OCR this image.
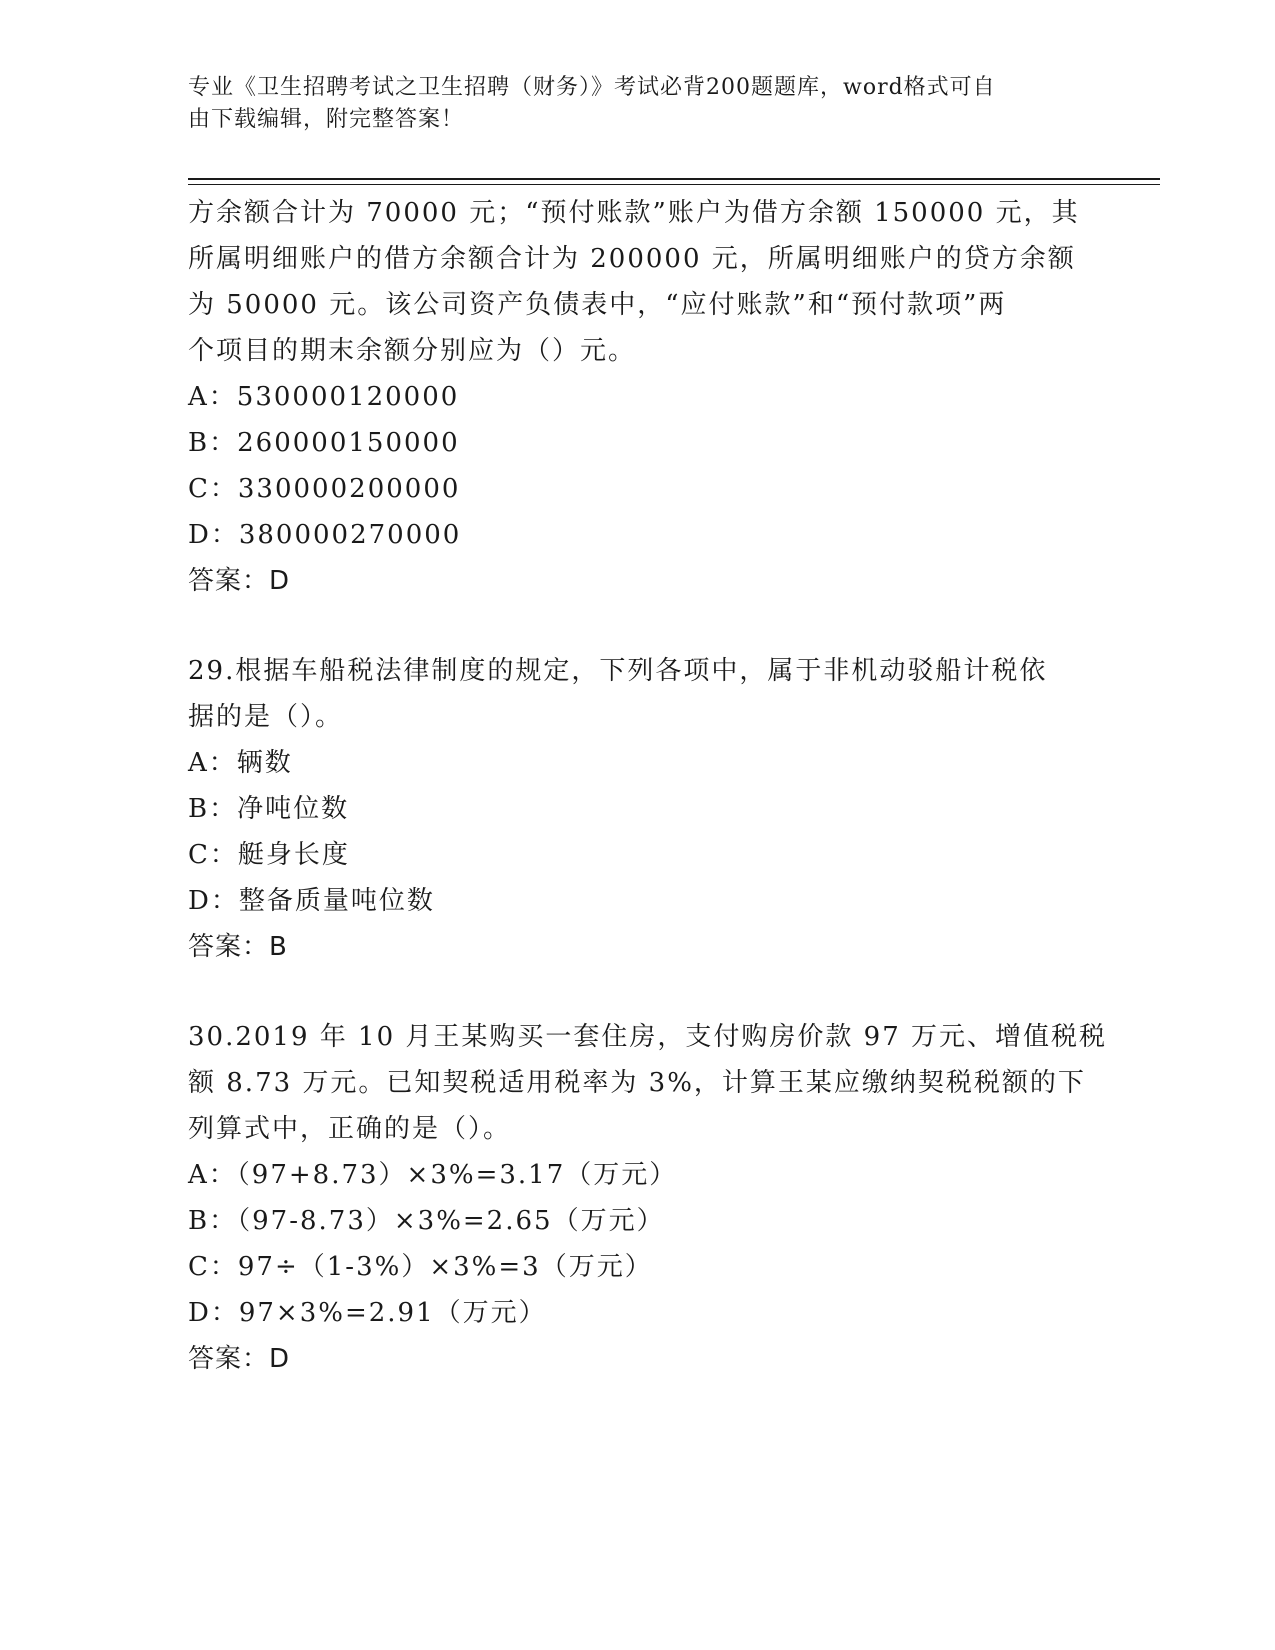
专业《卫生招聘考试之卫生招聘（财务）》考试必背200题题库，word格式可自
由下载编辑，附完整答案！
方余额合计为 70000 元；“预付账款”账户为借方余额 150000 元，其
所属明细账户的借方余额合计为 200000 元，所属明细账户的贷方余额
为 50000 元。该公司资产负债表中，“应付账款”和“预付款项”两
个项目的期末余额分别应为（）元。
A：530000120000
B：260000150000
C：330000200000
D：380000270000
答案：D
29.根据车船税法律制度的规定，下列各项中，属于非机动驳船计税依
据的是（）。
A：辆数
B：净吨位数
C：艇身长度
D：整备质量吨位数
答案：B
30.2019 年 10 月王某购买一套住房，支付购房价款 97 万元、增值税税
额 8.73 万元。已知契税适用税率为 3%，计算王某应缴纳契税税额的下
列算式中，正确的是（）。
A：（97+8.73）×3%=3.17（万元）
B：（97-8.73）×3%=2.65（万元）
C：97÷（1-3%）×3%=3（万元）
D：97×3%=2.91（万元）
答案：D
